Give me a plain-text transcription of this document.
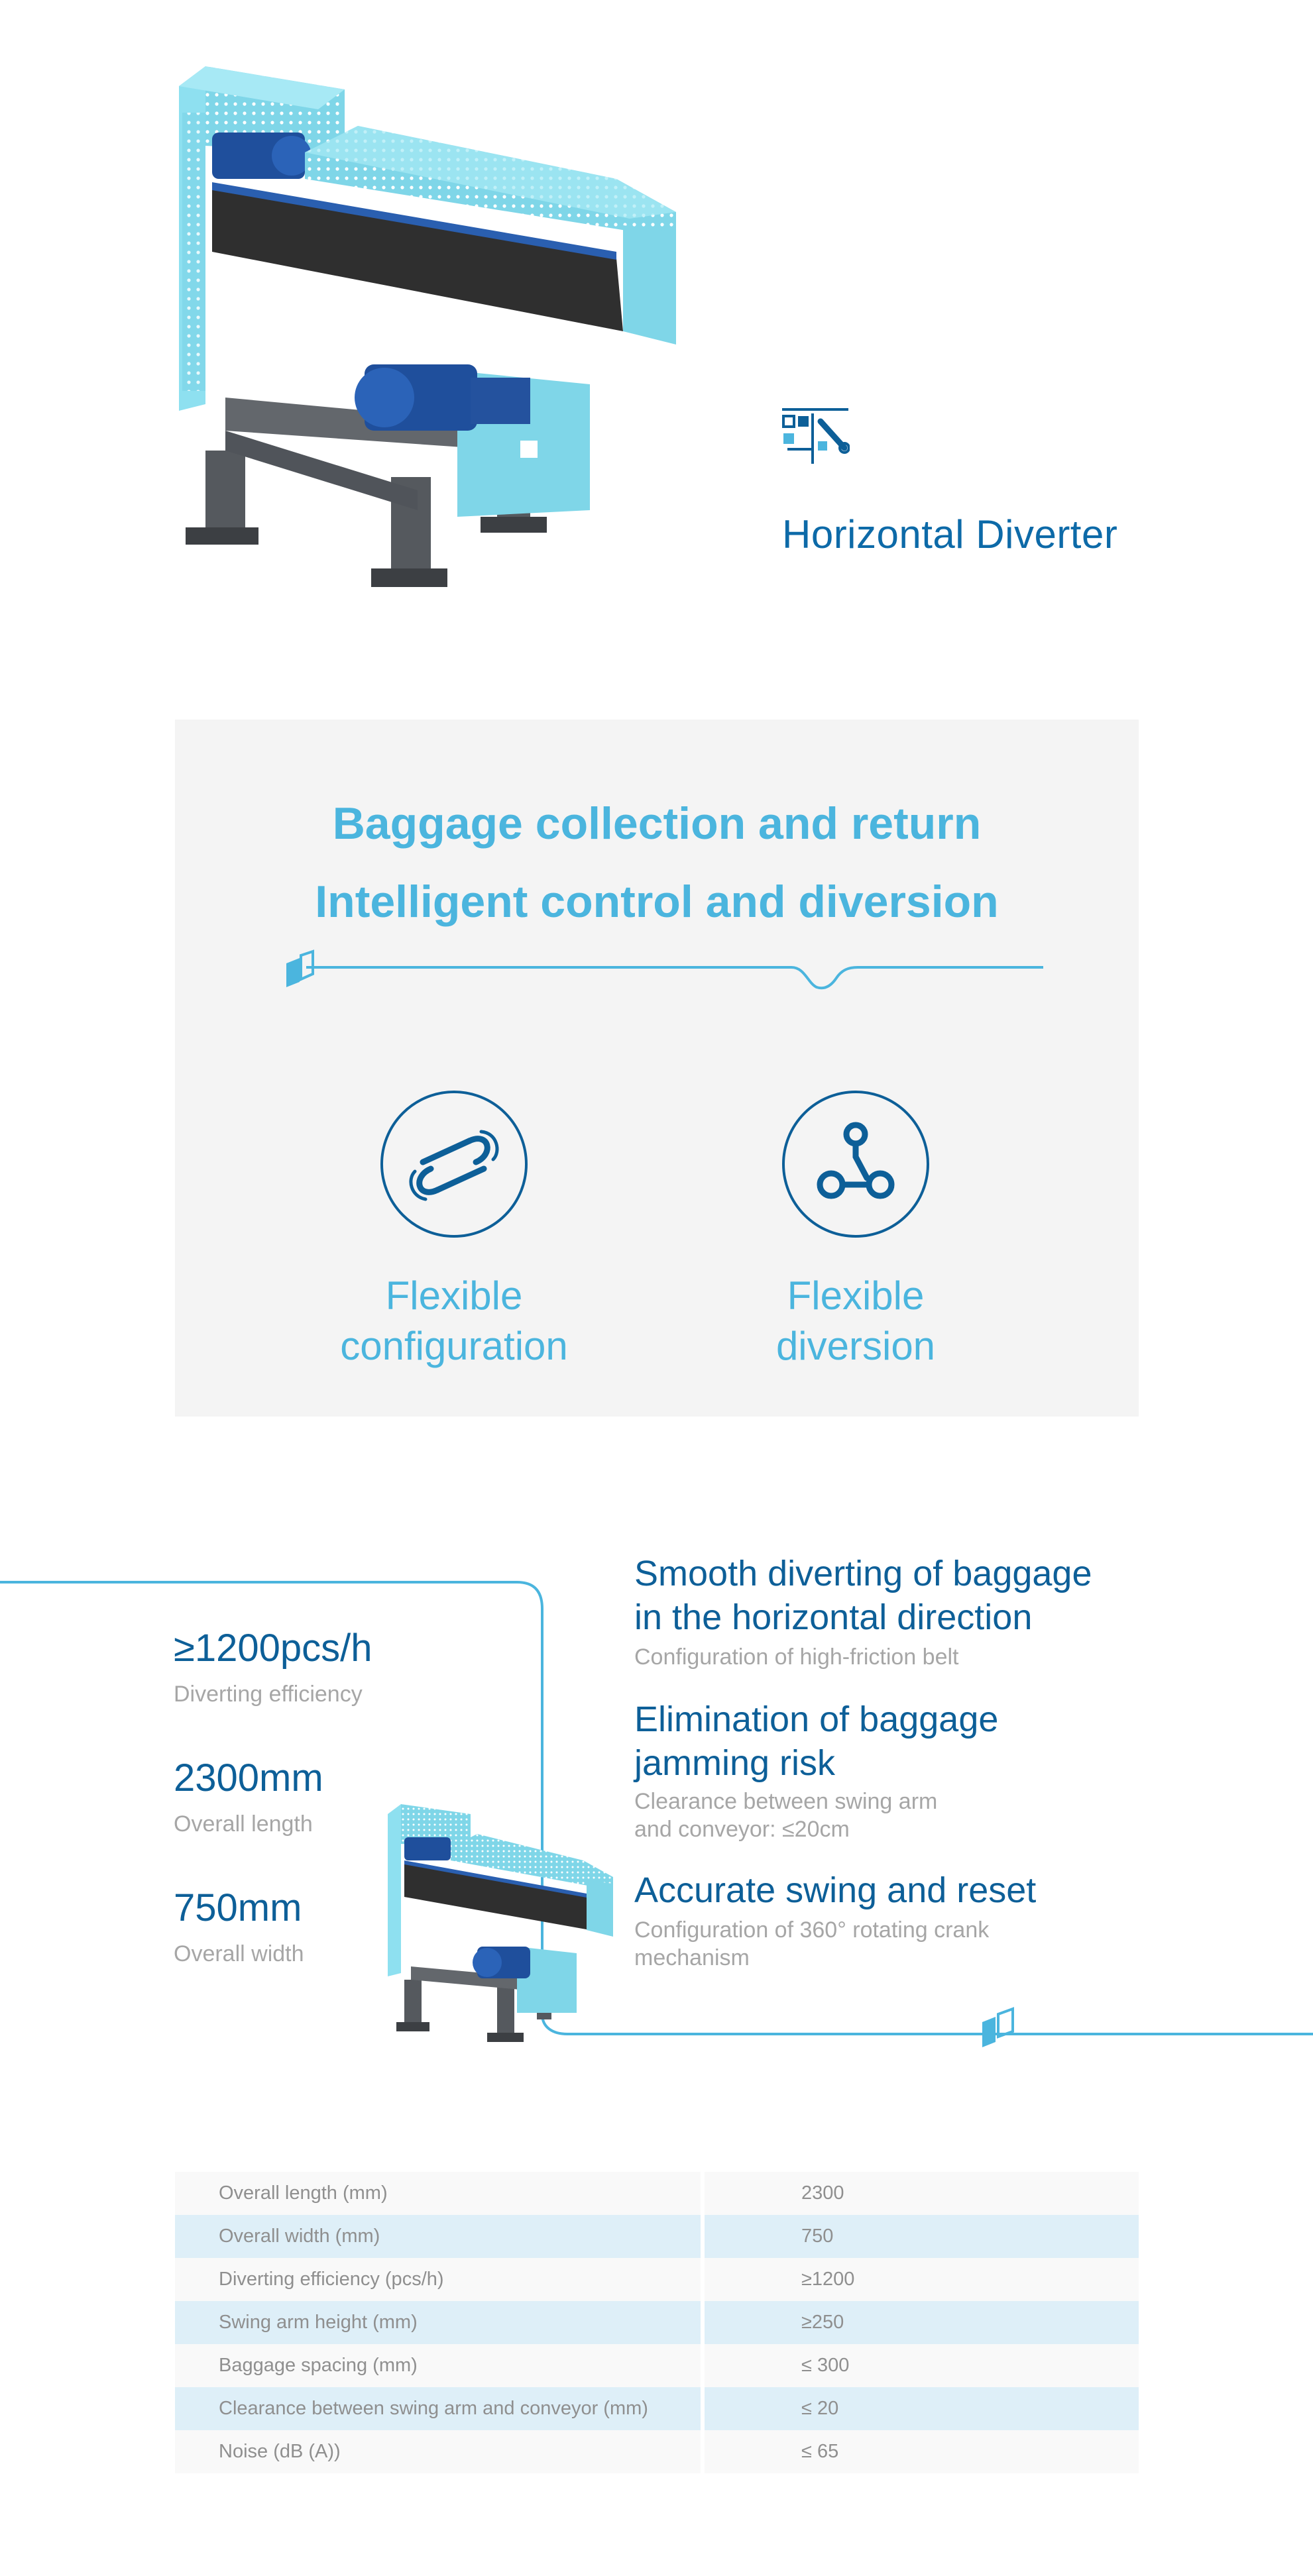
Horizontal Diverter
Baggage collection and return
Intelligent control and diversion
Flexible
configuration
Flexible
diversion
≥1200pcs/h
Diverting efficiency
2300mm
Overall length
750mm
Overall width
Smooth diverting of baggage
in the horizontal direction
Configuration of high-friction belt
Elimination of baggage
jamming risk
Clearance between swing arm
and conveyor: ≤20cm
Accurate swing and reset
Configuration of 360° rotating crank
mechanism
Overall length (mm)	2300
Overall width (mm)	750
Diverting efficiency (pcs/h)	≥1200
Swing arm height (mm)	≥250
Baggage spacing (mm)	≤ 300
Clearance between swing arm and conveyor (mm)	≤ 20
Noise (dB (A))	≤ 65
